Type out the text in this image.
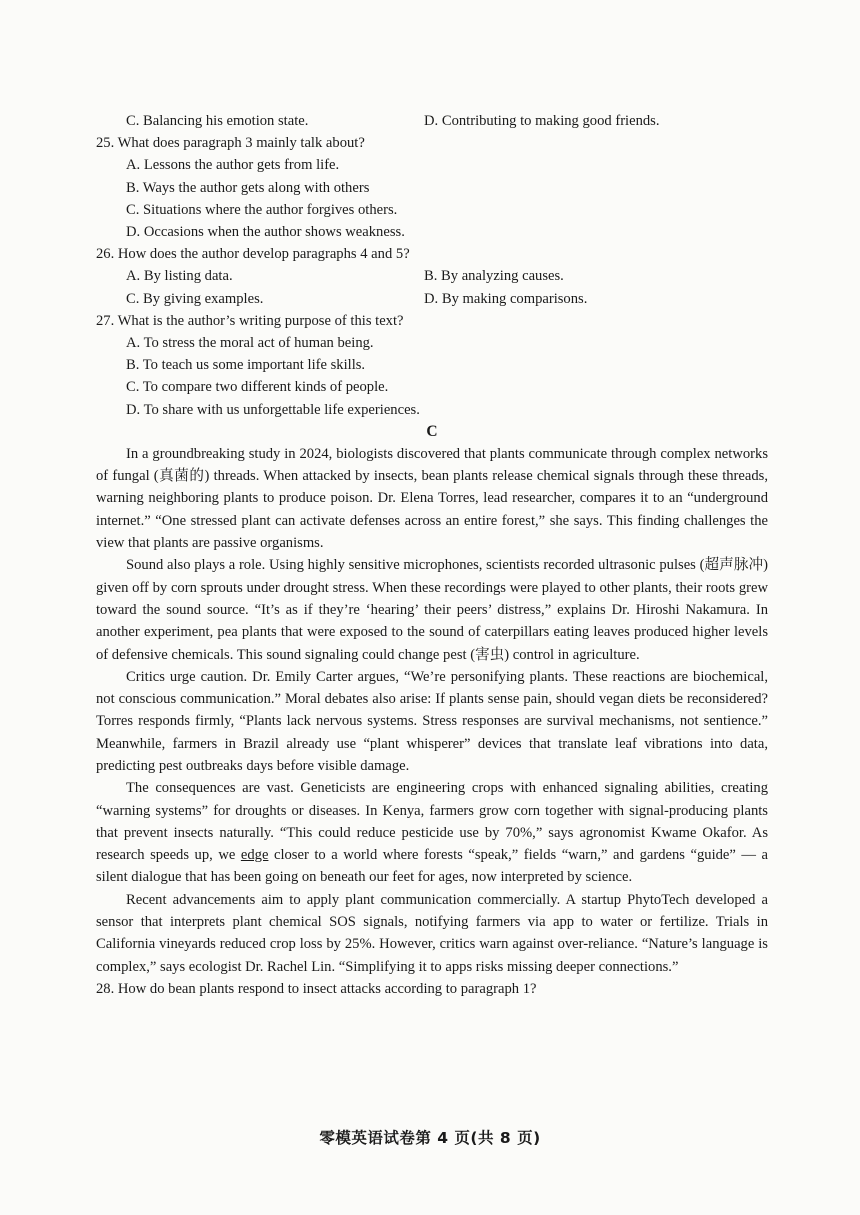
C. Balancing his emotion state.	D. Contributing to making good friends.
25. What does paragraph 3 mainly talk about?
A. Lessons the author gets from life.
B. Ways the author gets along with others
C. Situations where the author forgives others.
D. Occasions when the author shows weakness.
26. How does the author develop paragraphs 4 and 5?
A. By listing data.	B. By analyzing causes.
C. By giving examples.	D. By making comparisons.
27. What is the author’s writing purpose of this text?
A. To stress the moral act of human being.
B. To teach us some important life skills.
C. To compare two different kinds of people.
D. To share with us unforgettable life experiences.
C

In a groundbreaking study in 2024, biologists discovered that plants communicate through complex networks of fungal (真菌的) threads. When attacked by insects, bean plants release chemical signals through these threads, warning neighboring plants to produce poison. Dr. Elena Torres, lead researcher, compares it to an “underground internet.” “One stressed plant can activate defenses across an entire forest,” she says. This finding challenges the view that plants are passive organisms.

Sound also plays a role. Using highly sensitive microphones, scientists recorded ultrasonic pulses (超声脉冲) given off by corn sprouts under drought stress. When these recordings were played to other plants, their roots grew toward the sound source. “It’s as if they’re ‘hearing’ their peers’ distress,” explains Dr. Hiroshi Nakamura. In another experiment, pea plants that were exposed to the sound of caterpillars eating leaves produced higher levels of defensive chemicals. This sound signaling could change pest (害虫) control in agriculture.

Critics urge caution. Dr. Emily Carter argues, “We’re personifying plants. These reactions are biochemical, not conscious communication.” Moral debates also arise: If plants sense pain, should vegan diets be reconsidered? Torres responds firmly, “Plants lack nervous systems. Stress responses are survival mechanisms, not sentience.” Meanwhile, farmers in Brazil already use “plant whisperer” devices that translate leaf vibrations into data, predicting pest outbreaks days before visible damage.

The consequences are vast. Geneticists are engineering crops with enhanced signaling abilities, creating “warning systems” for droughts or diseases. In Kenya, farmers grow corn together with signal-producing plants that prevent insects naturally. “This could reduce pesticide use by 70%,” says agronomist Kwame Okafor. As research speeds up, we edge closer to a world where forests “speak,” fields “warn,” and gardens “guide” — a silent dialogue that has been going on beneath our feet for ages, now interpreted by science.

Recent advancements aim to apply plant communication commercially. A startup PhytoTech developed a sensor that interprets plant chemical SOS signals, notifying farmers via app to water or fertilize. Trials in California vineyards reduced crop loss by 25%. However, critics warn against over-reliance. “Nature’s language is complex,” says ecologist Dr. Rachel Lin. “Simplifying it to apps risks missing deeper connections.”

28. How do bean plants respond to insect attacks according to paragraph 1?
零模英语试卷第 4 页(共 8 页)
